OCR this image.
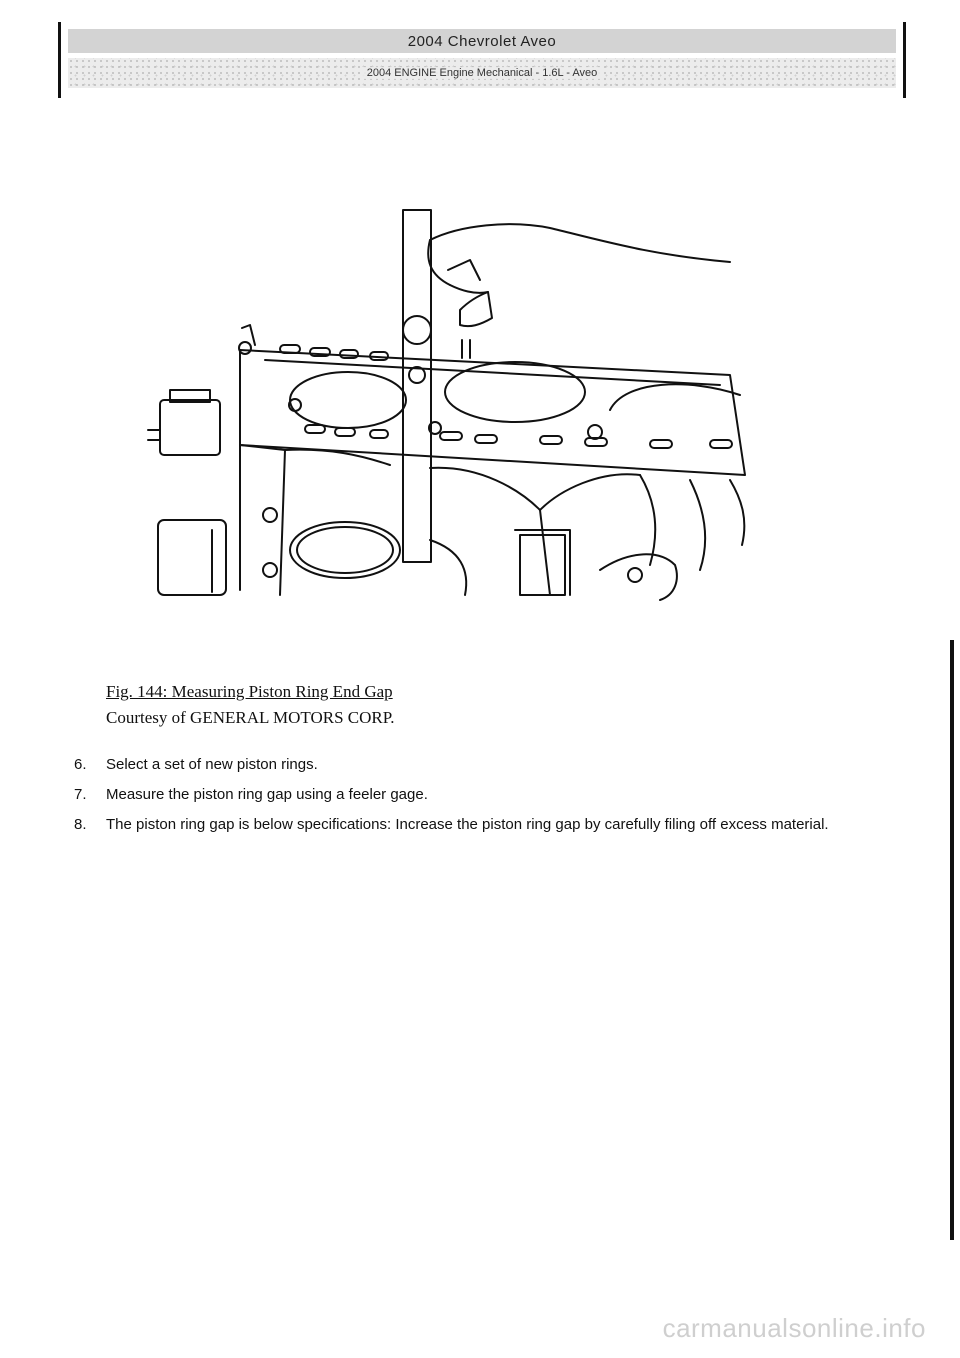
2004 Chevrolet Aveo
2004 ENGINE Engine Mechanical - 1.6L - Aveo
Fig. 144: Measuring Piston Ring End Gap
Courtesy of GENERAL MOTORS CORP.
6.	Select a set of new piston rings.
7.	Measure the piston ring gap using a feeler gage.
8.	The piston ring gap is below specifications: Increase the piston ring gap by carefully filing off excess material.
carmanualsonline.info
